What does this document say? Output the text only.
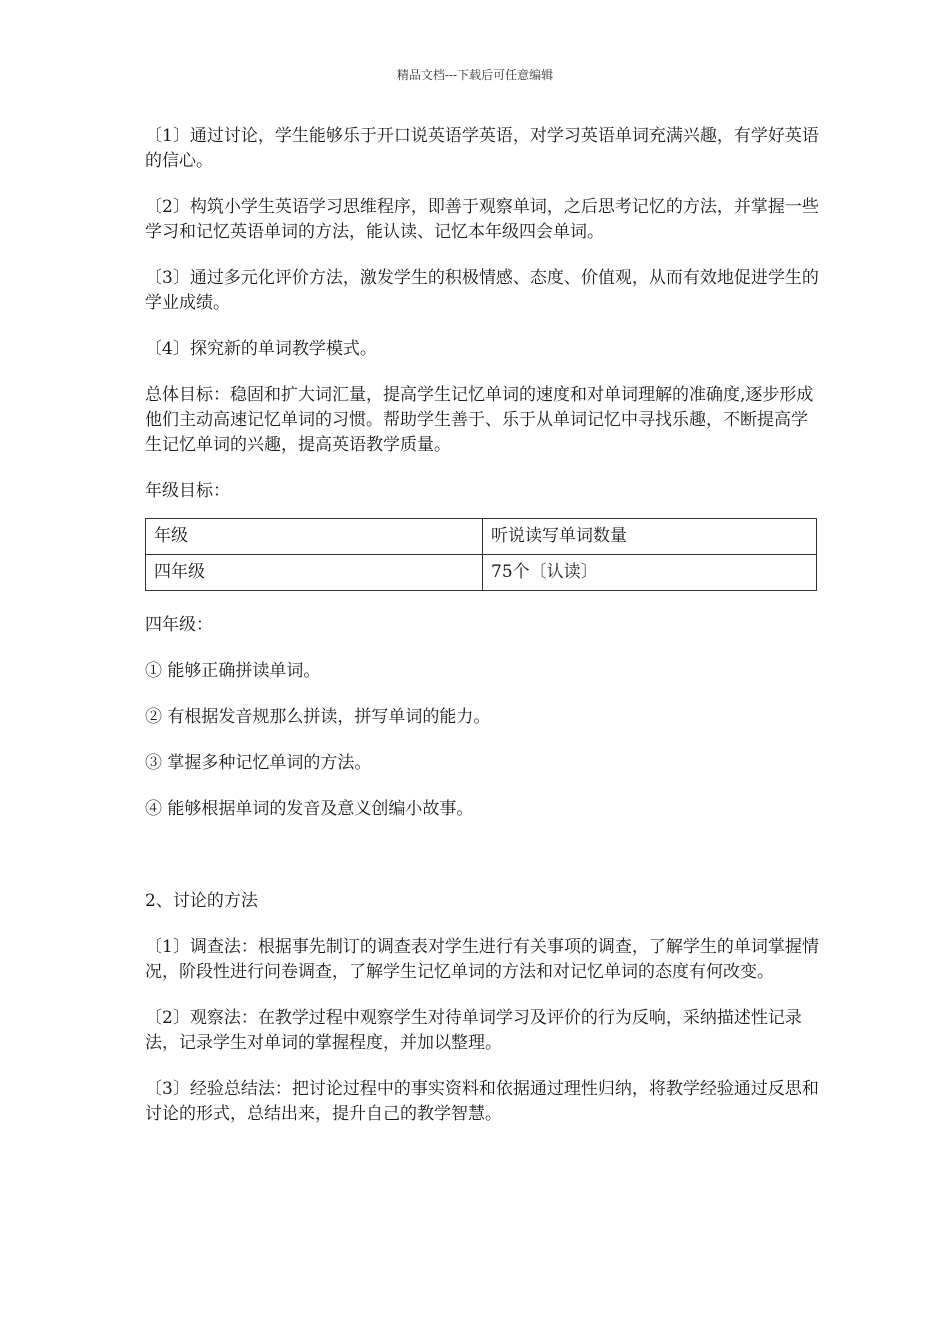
精品文档---下载后可任意编辑

〔1〕通过讨论，学生能够乐于开口说英语学英语，对学习英语单词充满兴趣，有学好英语的信心。

〔2〕构筑小学生英语学习思维程序，即善于观察单词，之后思考记忆的方法，并掌握一些学习和记忆英语单词的方法，能认读、记忆本年级四会单词。

〔3〕通过多元化评价方法，激发学生的积极情感、态度、价值观，从而有效地促进学生的学业成绩。

〔4〕探究新的单词教学模式。

总体目标：稳固和扩大词汇量，提高学生记忆单词的速度和对单词理解的准确度,逐步形成他们主动高速记忆单词的习惯。帮助学生善于、乐于从单词记忆中寻找乐趣，不断提高学生记忆单词的兴趣，提高英语教学质量。

年级目标：

年级	听说读写单词数量
四年级	75个〔认读〕

四年级：

① 能够正确拼读单词。

② 有根据发音规那么拼读，拼写单词的能力。

③ 掌握多种记忆单词的方法。

④ 能够根据单词的发音及意义创编小故事。

2、讨论的方法

〔1〕调查法：根据事先制订的调查表对学生进行有关事项的调查，了解学生的单词掌握情况，阶段性进行问卷调查，了解学生记忆单词的方法和对记忆单词的态度有何改变。

〔2〕观察法：在教学过程中观察学生对待单词学习及评价的行为反响，采纳描述性记录法，记录学生对单词的掌握程度，并加以整理。

〔3〕经验总结法：把讨论过程中的事实资料和依据通过理性归纳，将教学经验通过反思和讨论的形式，总结出来，提升自己的教学智慧。
